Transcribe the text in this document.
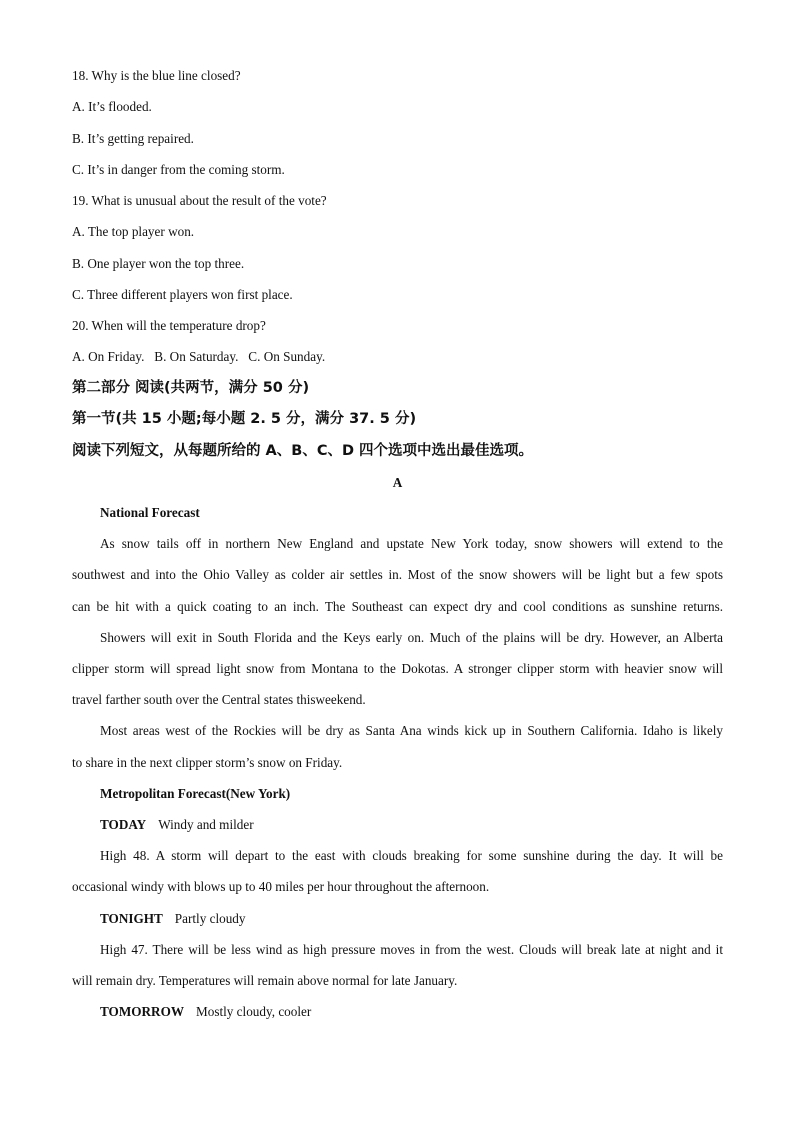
18. Why is the blue line closed?
A. It’s flooded.
B. It’s getting repaired.
C. It’s in danger from the coming storm.
19. What is unusual about the result of the vote?
A. The top player won.
B. One player won the top three.
C. Three different players won first place.
20. When will the temperature drop?
A. On Friday.   B. On Saturday.   C. On Sunday.
第二部分 阅读(共两节，满分 50 分)
第一节(共 15 小题;每小题 2. 5 分，满分 37. 5 分)
阅读下列短文，从每题所给的 A、B、C、D 四个选项中选出最佳选项。
A
National Forecast
As snow tails off in northern New England and upstate New York today, snow showers will extend to the
southwest and into the Ohio Valley as colder air settles in. Most of the snow showers will be light but a few spots
can be hit with a quick coating to an inch. The Southeast can expect dry and cool conditions as sunshine returns.
Showers will exit in South Florida and the Keys early on. Much of the plains will be dry. However, an Alberta
clipper storm will spread light snow from Montana to the Dokotas. A stronger clipper storm with heavier snow will
travel farther south over the Central states thisweekend.
Most areas west of the Rockies will be dry as Santa Ana winds kick up in Southern California. Idaho is likely
to share in the next clipper storm’s snow on Friday.
Metropolitan Forecast(New York)
TODAY Windy and milder
High 48. A storm will depart to the east with clouds breaking for some sunshine during the day. It will be
occasional windy with blows up to 40 miles per hour throughout the afternoon.
TONIGHT Partly cloudy
High 47. There will be less wind as high pressure moves in from the west. Clouds will break late at night and it
will remain dry. Temperatures will remain above normal for late January.
TOMORROW Mostly cloudy, cooler
